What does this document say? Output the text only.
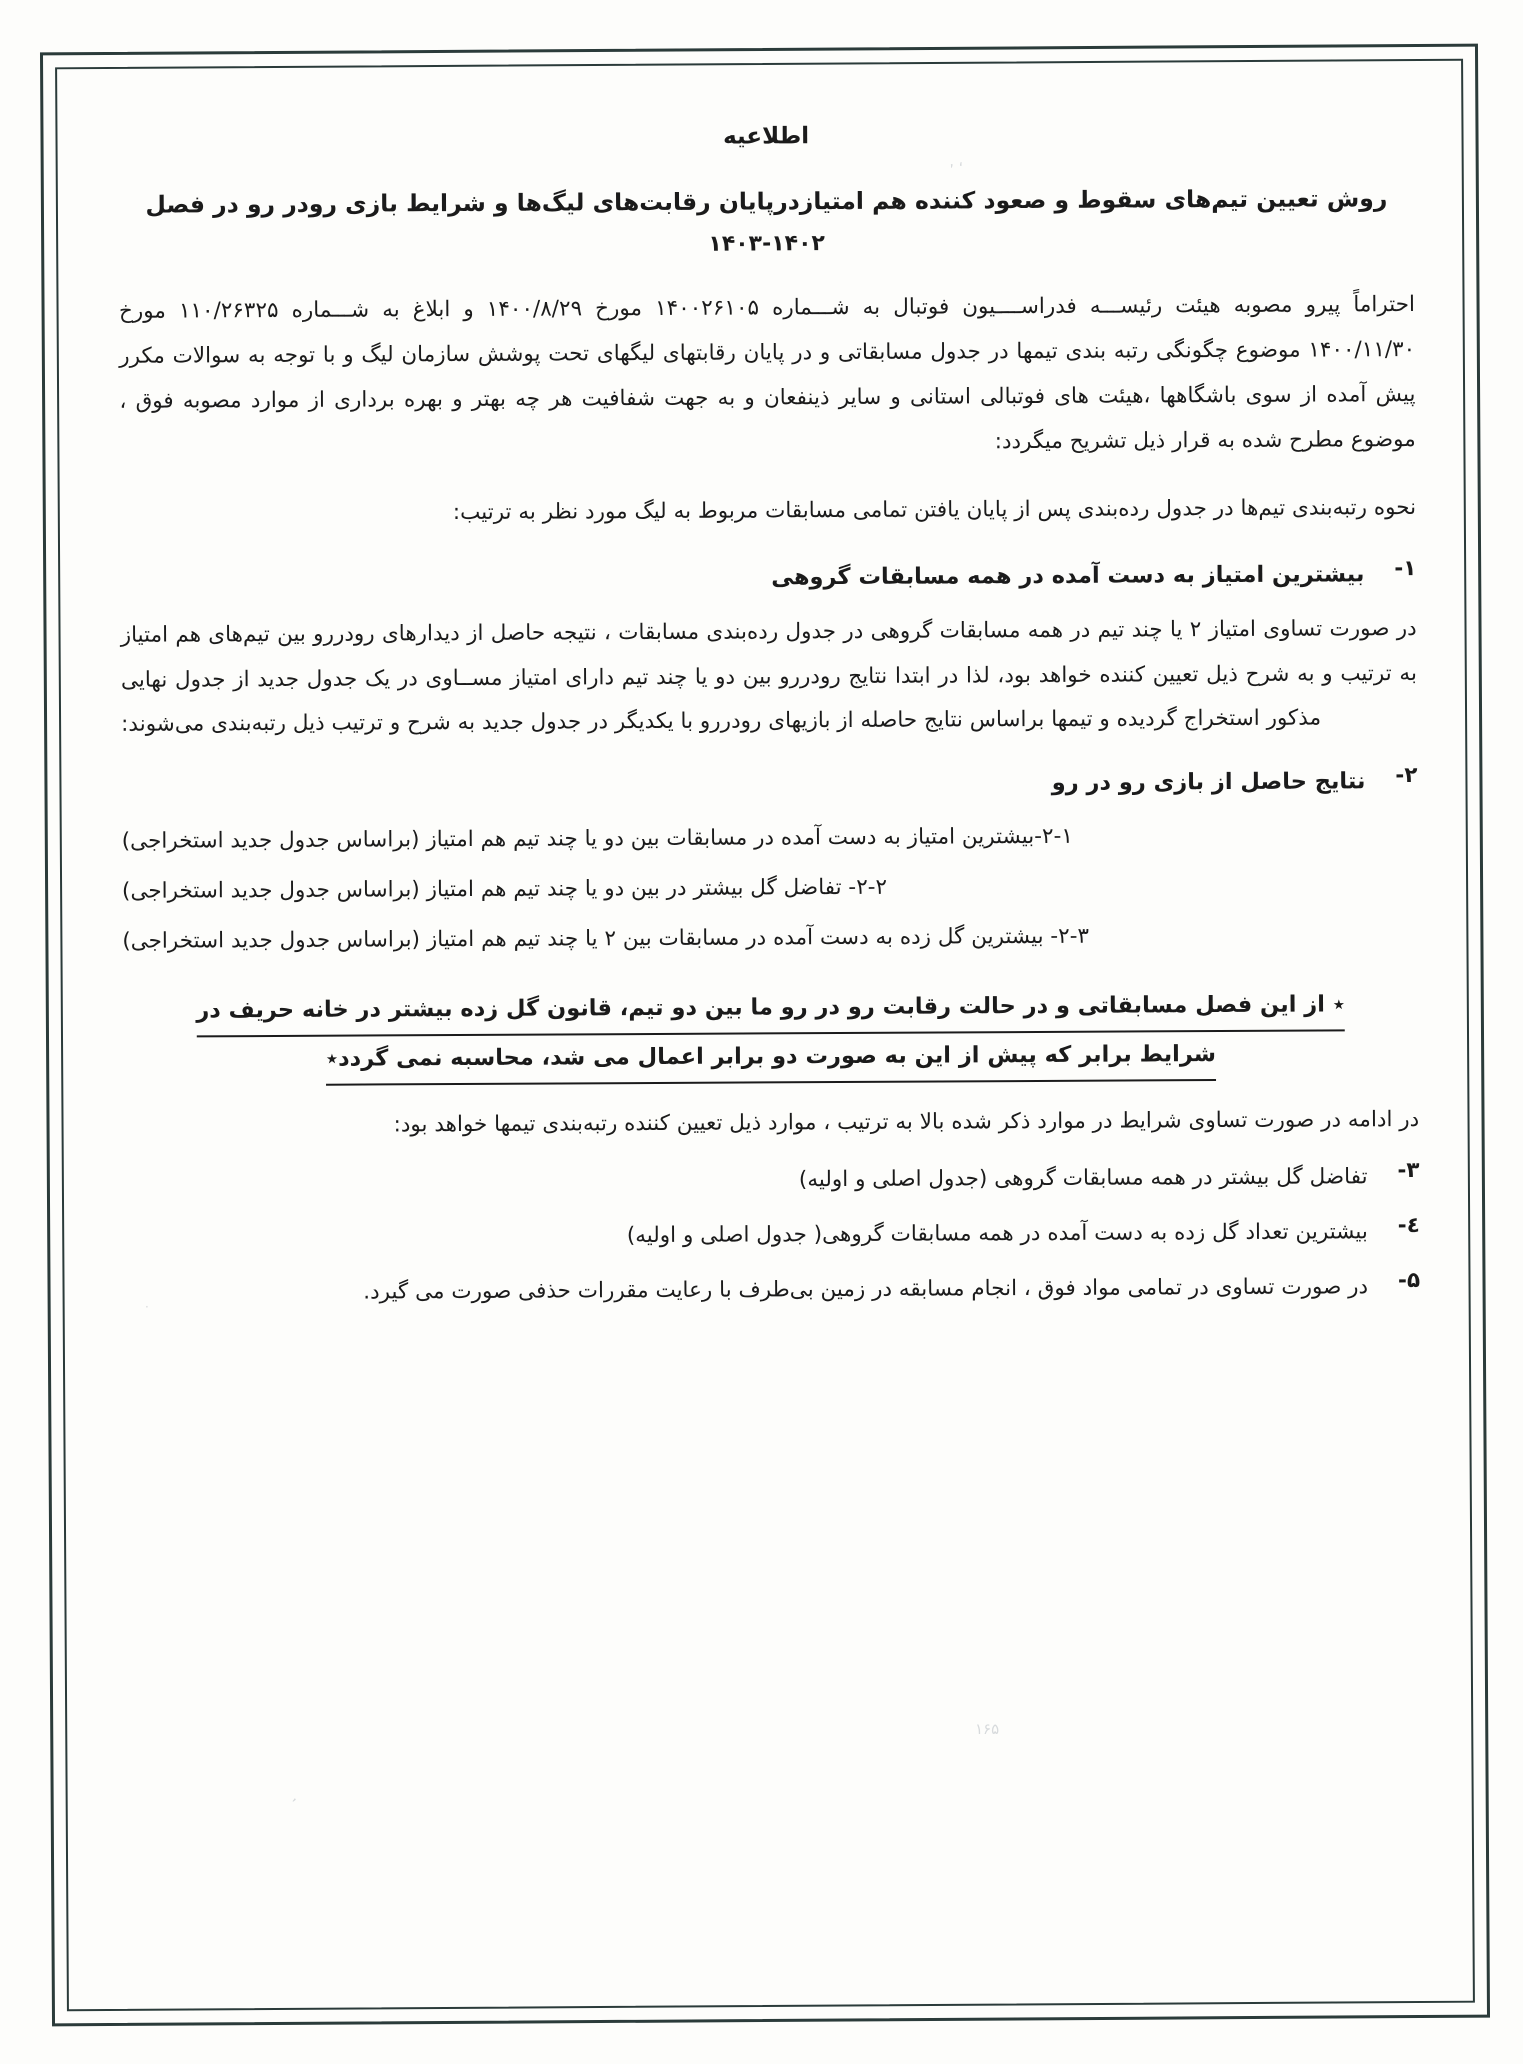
اطلاعیه
روش تعیین تیم‌های سقوط و صعود کننده هم امتیازدرپایان رقابت‌های لیگ‌ها و شرایط بازی رودر رو در فصل
۱۴۰۳-۱۴۰۲

احتراماً پیرو مصوبه هیئت رئیســـه فدراســــیون فوتبال به شـــماره ۱۴۰۰۲۶۱۰۵ مورخ ۱۴۰۰/۸/۲۹ و ابلاغ به شـــماره ۱۱۰/۲۶۳۲۵ مورخ ۱۴۰۰/۱۱/۳۰ موضوع چگونگی رتبه بندی تیمها در جدول مسابقاتی و در پایان رقابتهای لیگهای تحت پوشش سازمان لیگ و با توجه به سوالات مکرر پیش آمده از سوی باشگاهها ،هیئت های فوتبالی استانی و سایر ذینفعان و به جهت شفافیت هر چه بهتر و بهره برداری از موارد مصوبه فوق ، موضوع مطرح شده به قرار ذیل تشریح میگردد:

نحوه رتبه‌بندی تیم‌ها در جدول رده‌بندی پس از پایان یافتن تمامی مسابقات مربوط به لیگ مورد نظر به ترتیب:

۱-

بیشترین امتیاز به دست آمده در همه مسابقات گروهی

در صورت تساوی امتیاز ۲ یا چند تیم در همه مسابقات گروهی در جدول رده‌بندی مسابقات ، نتیجه حاصل از دیدارهای رودررو بین تیم‌های هم امتیاز به ترتیب و به شرح ذیل تعیین کننده خواهد بود، لذا در ابتدا نتایج رودررو بین دو یا چند تیم دارای امتیاز مســاوی در یک جدول جدید از جدول نهایی مذکور استخراج گردیده و تیمها براساس نتایج حاصله از بازیهای رودررو با یکدیگر در جدول جدید به شرح و ترتیب ذیل رتبه‌بندی می‌شوند:

۲-

نتایج حاصل از بازی رو در رو

۲-۱-بیشترین امتیاز به دست آمده در مسابقات بین دو یا چند تیم هم امتیاز (براساس جدول جدید استخراجی)

۲-۲- تفاضل گل بیشتر در بین دو یا چند تیم هم امتیاز (براساس جدول جدید استخراجی)

۲-۳- بیشترین گل زده به دست آمده در مسابقات بین ۲ یا چند تیم هم امتیاز (براساس جدول جدید استخراجی)

٭ از این فصل مسابقاتی و در حالت رقابت رو در رو ما بین دو تیم، قانون گل زده بیشتر در خانه حریف در
شرایط برابر که پیش از این به صورت دو برابر اعمال می شد، محاسبه نمی گردد٭

در ادامه در صورت تساوی شرایط در موارد ذکر شده بالا به ترتیب ، موارد ذیل تعیین کننده رتبه‌بندی تیمها خواهد بود:

۳-

تفاضل گل بیشتر در همه مسابقات گروهی (جدول اصلی و اولیه)

٤-

بیشترین تعداد گل زده به دست آمده در همه مسابقات گروهی( جدول اصلی و اولیه)

۵-

در صورت تساوی در تمامی مواد فوق ، انجام مسابقه در زمین بی‌طرف با رعایت مقررات حذفی صورت می گیرد.

ʼ ʻ
۱۶۵
ʼ
·
